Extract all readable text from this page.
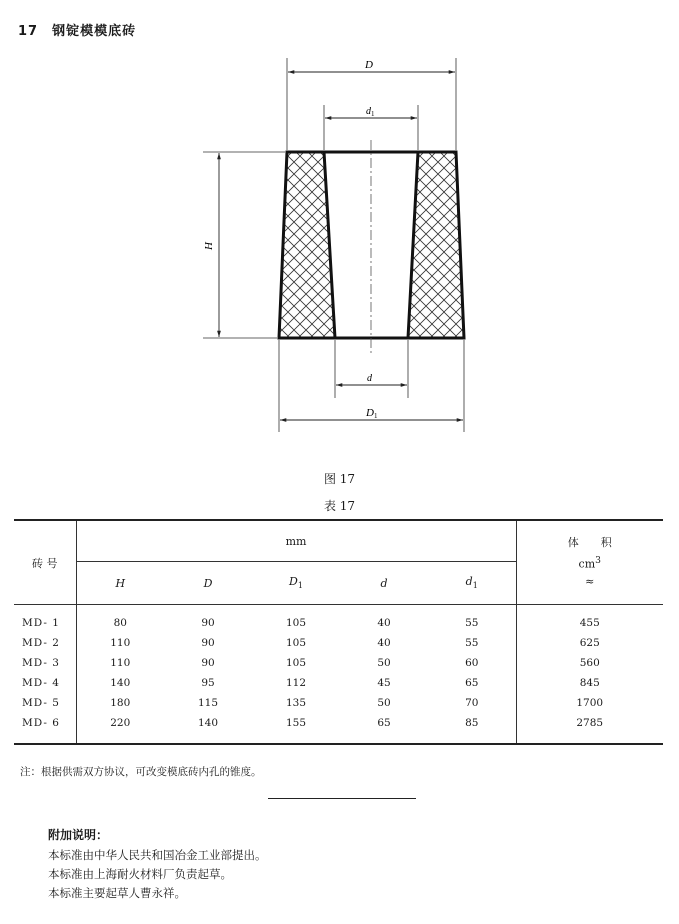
17 钢锭模模底砖
D
$d_1$
H
d
D1
图 17
表 17
砖 号	mm					体　　积
$cm^3$
≈

	H	D	$D_1$	d	$d_1$
MD- 1	80	90	105	40	55	455
MD- 2	110	90	105	40	55	625
MD- 3	110	90	105	50	60	560
MD- 4	140	95	112	45	65	845
MD- 5	180	115	135	50	70	1700
MD- 6	220	140	155	65	85	2785
注：根据供需双方协议，可改变模底砖内孔的锥度。
附加说明：
本标准由中华人民共和国冶金工业部提出。
本标准由上海耐火材料厂负责起草。
本标准主要起草人曹永祥。
